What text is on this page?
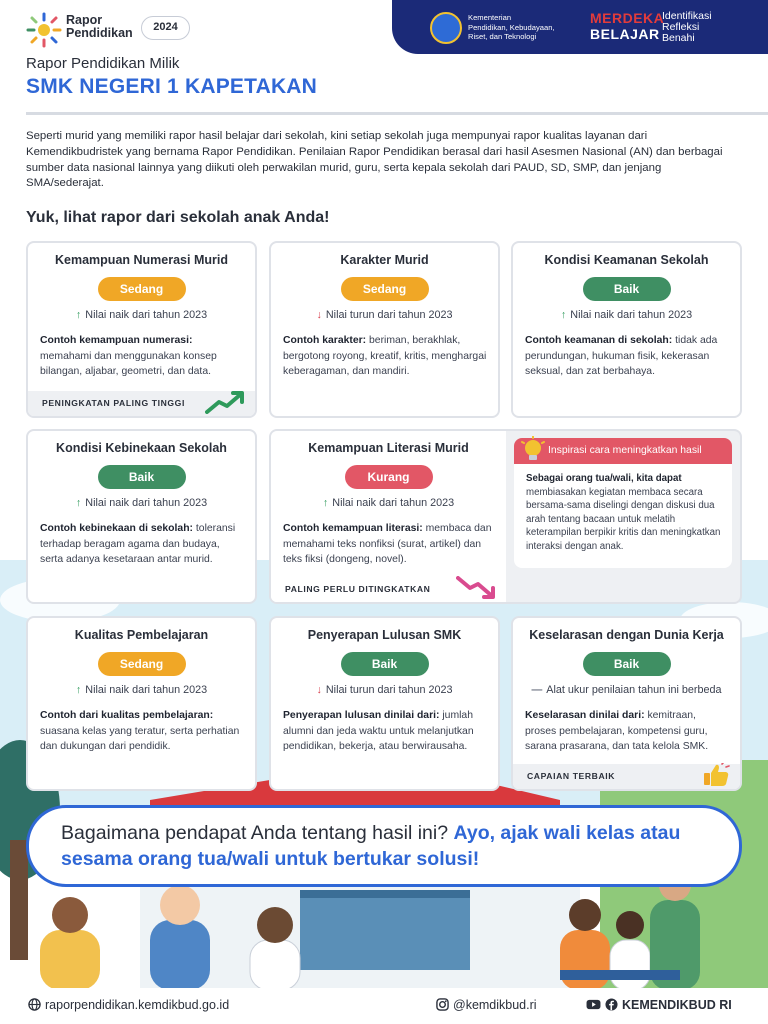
Rapor
Pendidikan	2024
Kementerian
Pendidikan, Kebudayaan,
Riset, dan Teknologi
MERDEKA
BELAJAR
Identifikasi
Refleksi
Benahi
Rapor Pendidikan Milik
SMK NEGERI 1 KAPETAKAN
Seperti murid yang memiliki rapor hasil belajar dari sekolah, kini setiap sekolah juga mempunyai rapor kualitas layanan dari Kemendikbudristek yang bernama Rapor Pendidikan. Penilaian Rapor Pendidikan berasal dari hasil Asesmen Nasional (AN) dan berbagai sumber data nasional lainnya yang diikuti oleh perwakilan murid, guru, serta kepala sekolah dari PAUD, SD, SMP, dan jenjang SMA/sederajat.
Yuk, lihat rapor dari sekolah anak Anda!
Kemampuan Numerasi Murid
Sedang
↑ Nilai naik dari tahun 2023
Contoh kemampuan numerasi:
memahami dan menggunakan konsep bilangan, aljabar, geometri, dan data.
PENINGKATAN PALING TINGGI
Karakter Murid
Sedang
↓ Nilai turun dari tahun 2023
Contoh karakter: beriman, berakhlak, bergotong royong, kreatif, kritis, menghargai keberagaman, dan mandiri.
Kondisi Keamanan Sekolah
Baik
↑ Nilai naik dari tahun 2023
Contoh keamanan di sekolah: tidak ada perundungan, hukuman fisik, kekerasan seksual, dan zat berbahaya.
Kondisi Kebinekaan Sekolah
Baik
↑ Nilai naik dari tahun 2023
Contoh kebinekaan di sekolah: toleransi terhadap beragam agama dan budaya, serta adanya kesetaraan antar murid.
Kemampuan Literasi Murid
Kurang
↑ Nilai naik dari tahun 2023
Contoh kemampuan literasi: membaca dan memahami teks nonfiksi (surat, artikel) dan teks fiksi (dongeng, novel).
PALING PERLU DITINGKATKAN
Inspirasi cara meningkatkan hasil
Sebagai orang tua/wali, kita dapat
membiasakan kegiatan membaca secara bersama-sama diselingi dengan diskusi dua arah tentang bacaan untuk melatih keterampilan berpikir kritis dan meningkatkan interaksi dengan anak.
Kualitas Pembelajaran
Sedang
↑ Nilai naik dari tahun 2023
Contoh dari kualitas pembelajaran:
suasana kelas yang teratur, serta perhatian dan dukungan dari pendidik.
Penyerapan Lulusan SMK
Baik
↓ Nilai turun dari tahun 2023
Penyerapan lulusan dinilai dari: jumlah alumni dan jeda waktu untuk melanjutkan pendidikan, bekerja, atau berwirausaha.
Keselarasan dengan Dunia Kerja
Baik
— Alat ukur penilaian tahun ini berbeda
Keselarasan dinilai dari: kemitraan, proses pembelajaran, kompetensi guru, sarana prasarana, dan tata kelola SMK.
CAPAIAN TERBAIK
Bagaimana pendapat Anda tentang hasil ini? Ayo, ajak wali kelas atau sesama orang tua/wali untuk bertukar solusi!
raporpendidikan.kemdikbud.go.id	@kemdikbud.ri	KEMENDIKBUD RI
